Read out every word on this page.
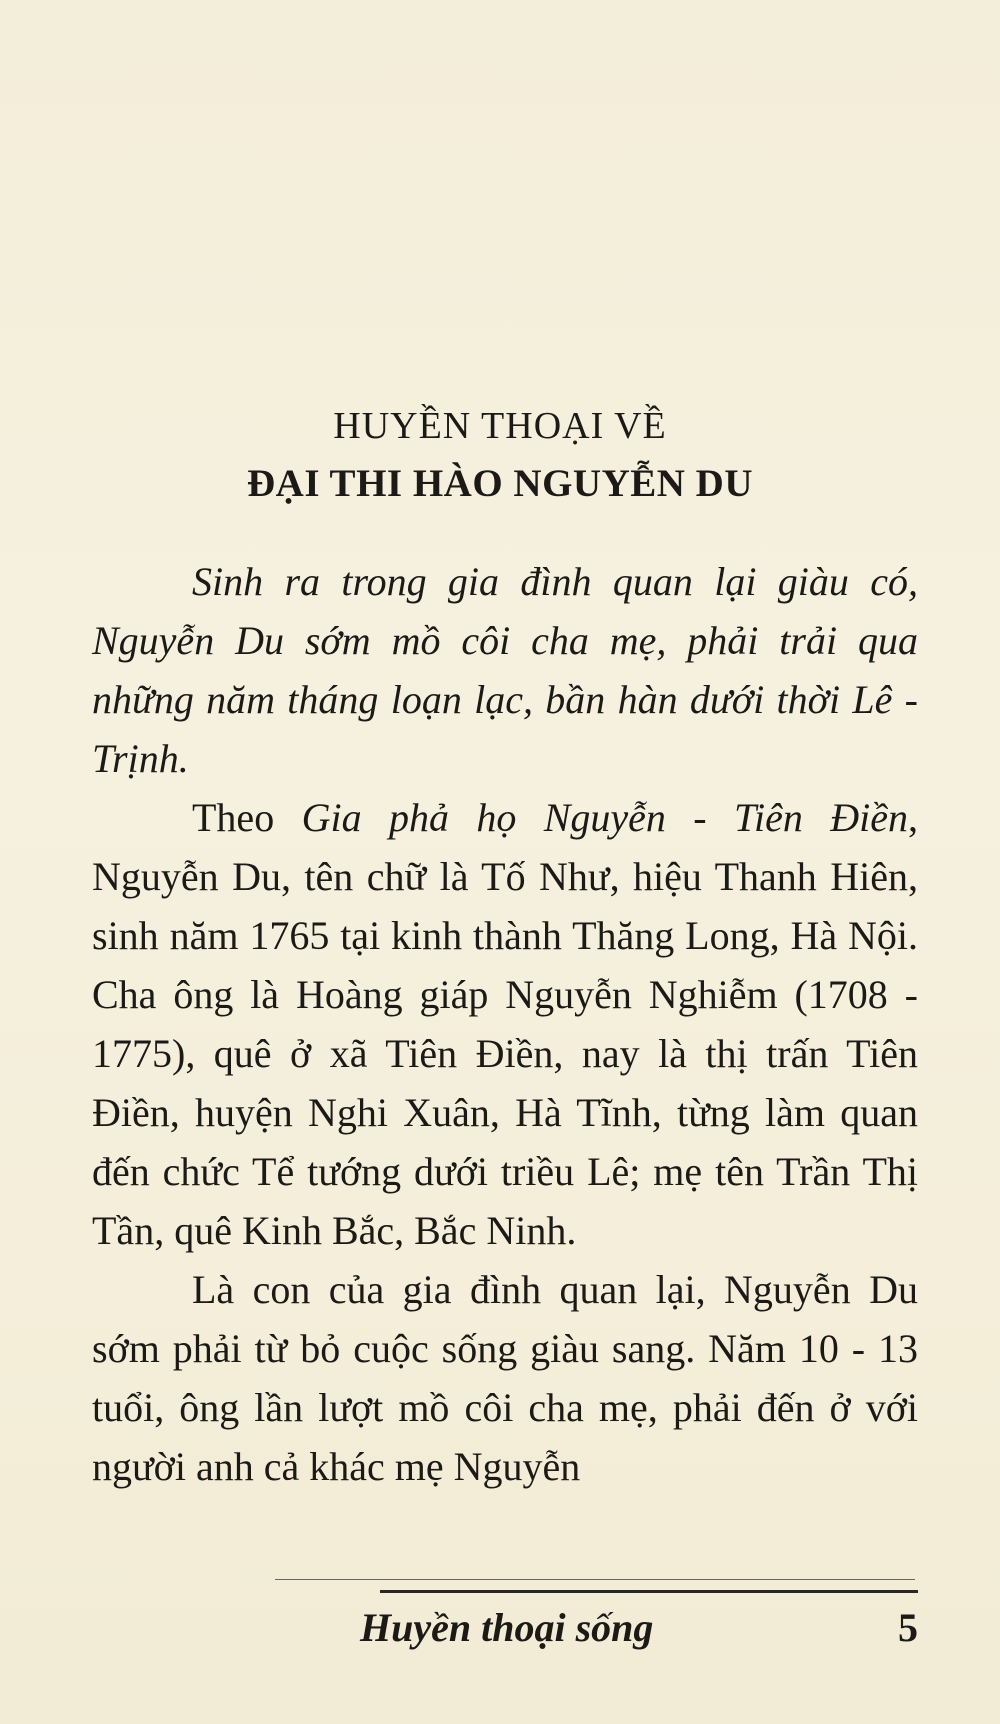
HUYỀN THOẠI VỀ
ĐẠI THI HÀO NGUYỄN DU

Sinh ra trong gia đình quan lại giàu có, Nguyễn Du sớm mồ côi cha mẹ, phải trải qua những năm tháng loạn lạc, bần hàn dưới thời Lê - Trịnh.

Theo Gia phả họ Nguyễn - Tiên Điền, Nguyễn Du, tên chữ là Tố Như, hiệu Thanh Hiên, sinh năm 1765 tại kinh thành Thăng Long, Hà Nội. Cha ông là Hoàng giáp Nguyễn Nghiễm (1708 - 1775), quê ở xã Tiên Điền, nay là thị trấn Tiên Điền, huyện Nghi Xuân, Hà Tĩnh, từng làm quan đến chức Tể tướng dưới triều Lê; mẹ tên Trần Thị Tần, quê Kinh Bắc, Bắc Ninh.

Là con của gia đình quan lại, Nguyễn Du sớm phải từ bỏ cuộc sống giàu sang. Năm 10 - 13 tuổi, ông lần lượt mồ côi cha mẹ, phải đến ở với người anh cả khác mẹ Nguyễn

Huyền thoại sống	5
